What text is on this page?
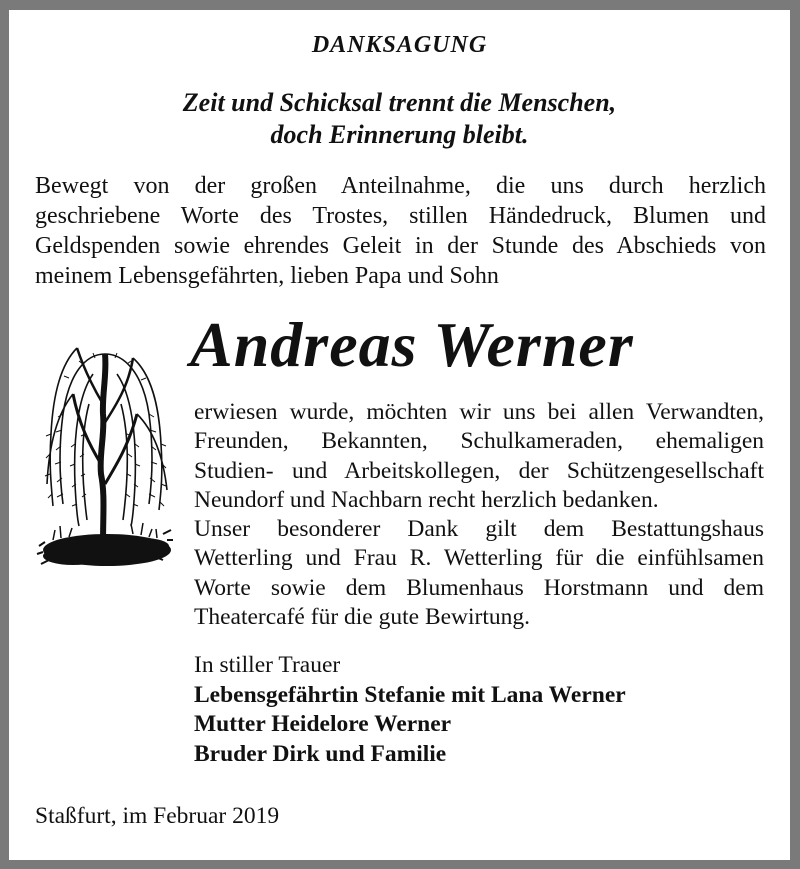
DANKSAGUNG
Zeit und Schicksal trennt die Menschen,
doch Erinnerung bleibt.
Bewegt von der großen Anteilnahme, die uns durch herzlich
geschriebene Worte des Trostes, stillen Händedruck, Blumen und
Geldspenden sowie ehrendes Geleit in der Stunde des Abschieds von
meinem Lebensgefährten, lieben Papa und Sohn
Andreas Werner
erwiesen wurde, möchten wir uns bei allen Verwandten,
Freunden, Bekannten, Schulkameraden, ehemaligen
Studien- und Arbeitskollegen, der Schützengesellschaft
Neundorf und Nachbarn recht herzlich bedanken.
Unser besonderer Dank gilt dem Bestattungshaus
Wetterling und Frau R. Wetterling für die einfühlsamen
Worte sowie dem Blumenhaus Horstmann und dem
Theatercafé für die gute Bewirtung.
In stiller Trauer
Lebensgefährtin Stefanie mit Lana Werner
Mutter Heidelore Werner
Bruder Dirk und Familie
Staßfurt, im Februar 2019
